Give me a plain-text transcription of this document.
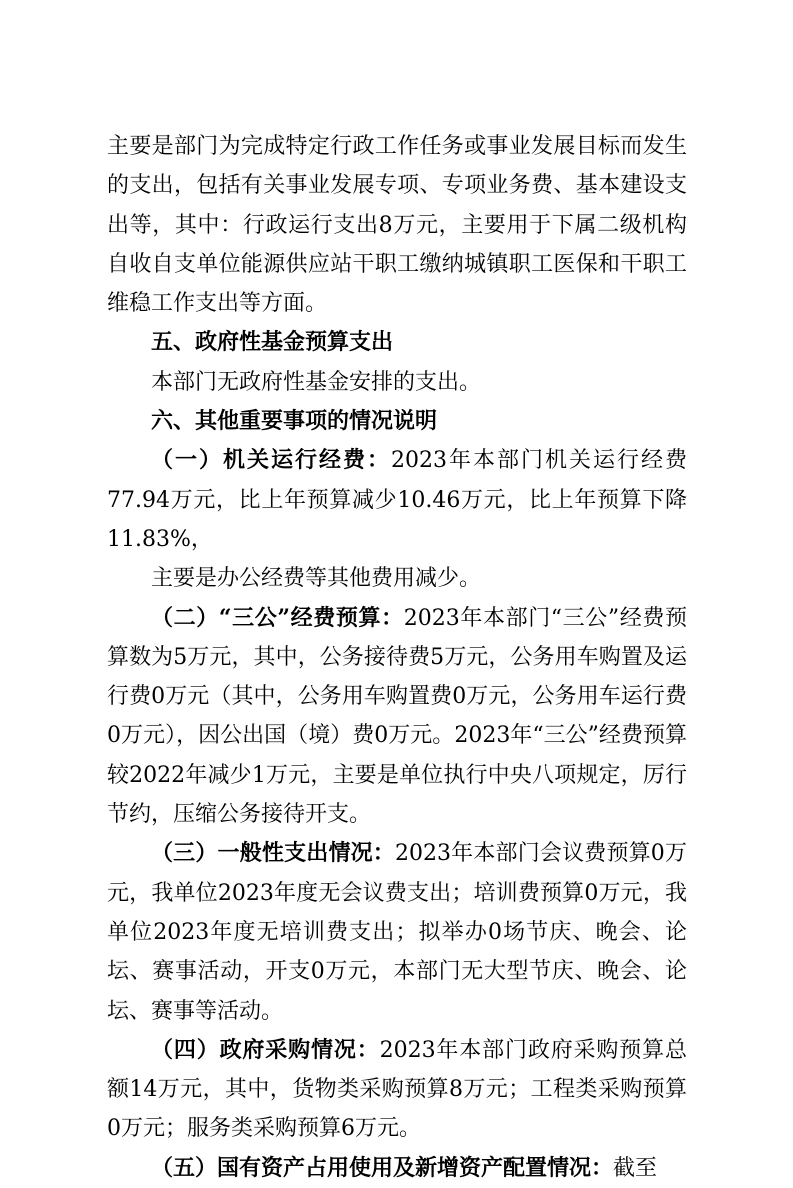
主要是部门为完成特定行政工作任务或事业发展目标而发生的支出，包括有关事业发展专项、专项业务费、基本建设支出等，其中：行政运行支出8万元，主要用于下属二级机构自收自支单位能源供应站干职工缴纳城镇职工医保和干职工维稳工作支出等方面。

五、政府性基金预算支出

本部门无政府性基金安排的支出。

六、其他重要事项的情况说明

（一）机关运行经费：2023年本部门机关运行经费77.94万元，比上年预算减少10.46万元，比上年预算下降11.83%，

主要是办公经费等其他费用减少。

（二）“三公”经费预算：2023年本部门“三公”经费预算数为5万元，其中，公务接待费5万元，公务用车购置及运行费0万元（其中，公务用车购置费0万元，公务用车运行费0万元），因公出国（境）费0万元。2023年“三公”经费预算较2022年减少1万元，主要是单位执行中央八项规定，厉行节约，压缩公务接待开支。

（三）一般性支出情况：2023年本部门会议费预算0万元，我单位2023年度无会议费支出；培训费预算0万元，我单位2023年度无培训费支出；拟举办0场节庆、晚会、论坛、赛事活动，开支0万元，本部门无大型节庆、晚会、论坛、赛事等活动。

（四）政府采购情况：2023年本部门政府采购预算总额14万元，其中，货物类采购预算8万元；工程类采购预算0万元；服务类采购预算6万元。

（五）国有资产占用使用及新增资产配置情况：截至
